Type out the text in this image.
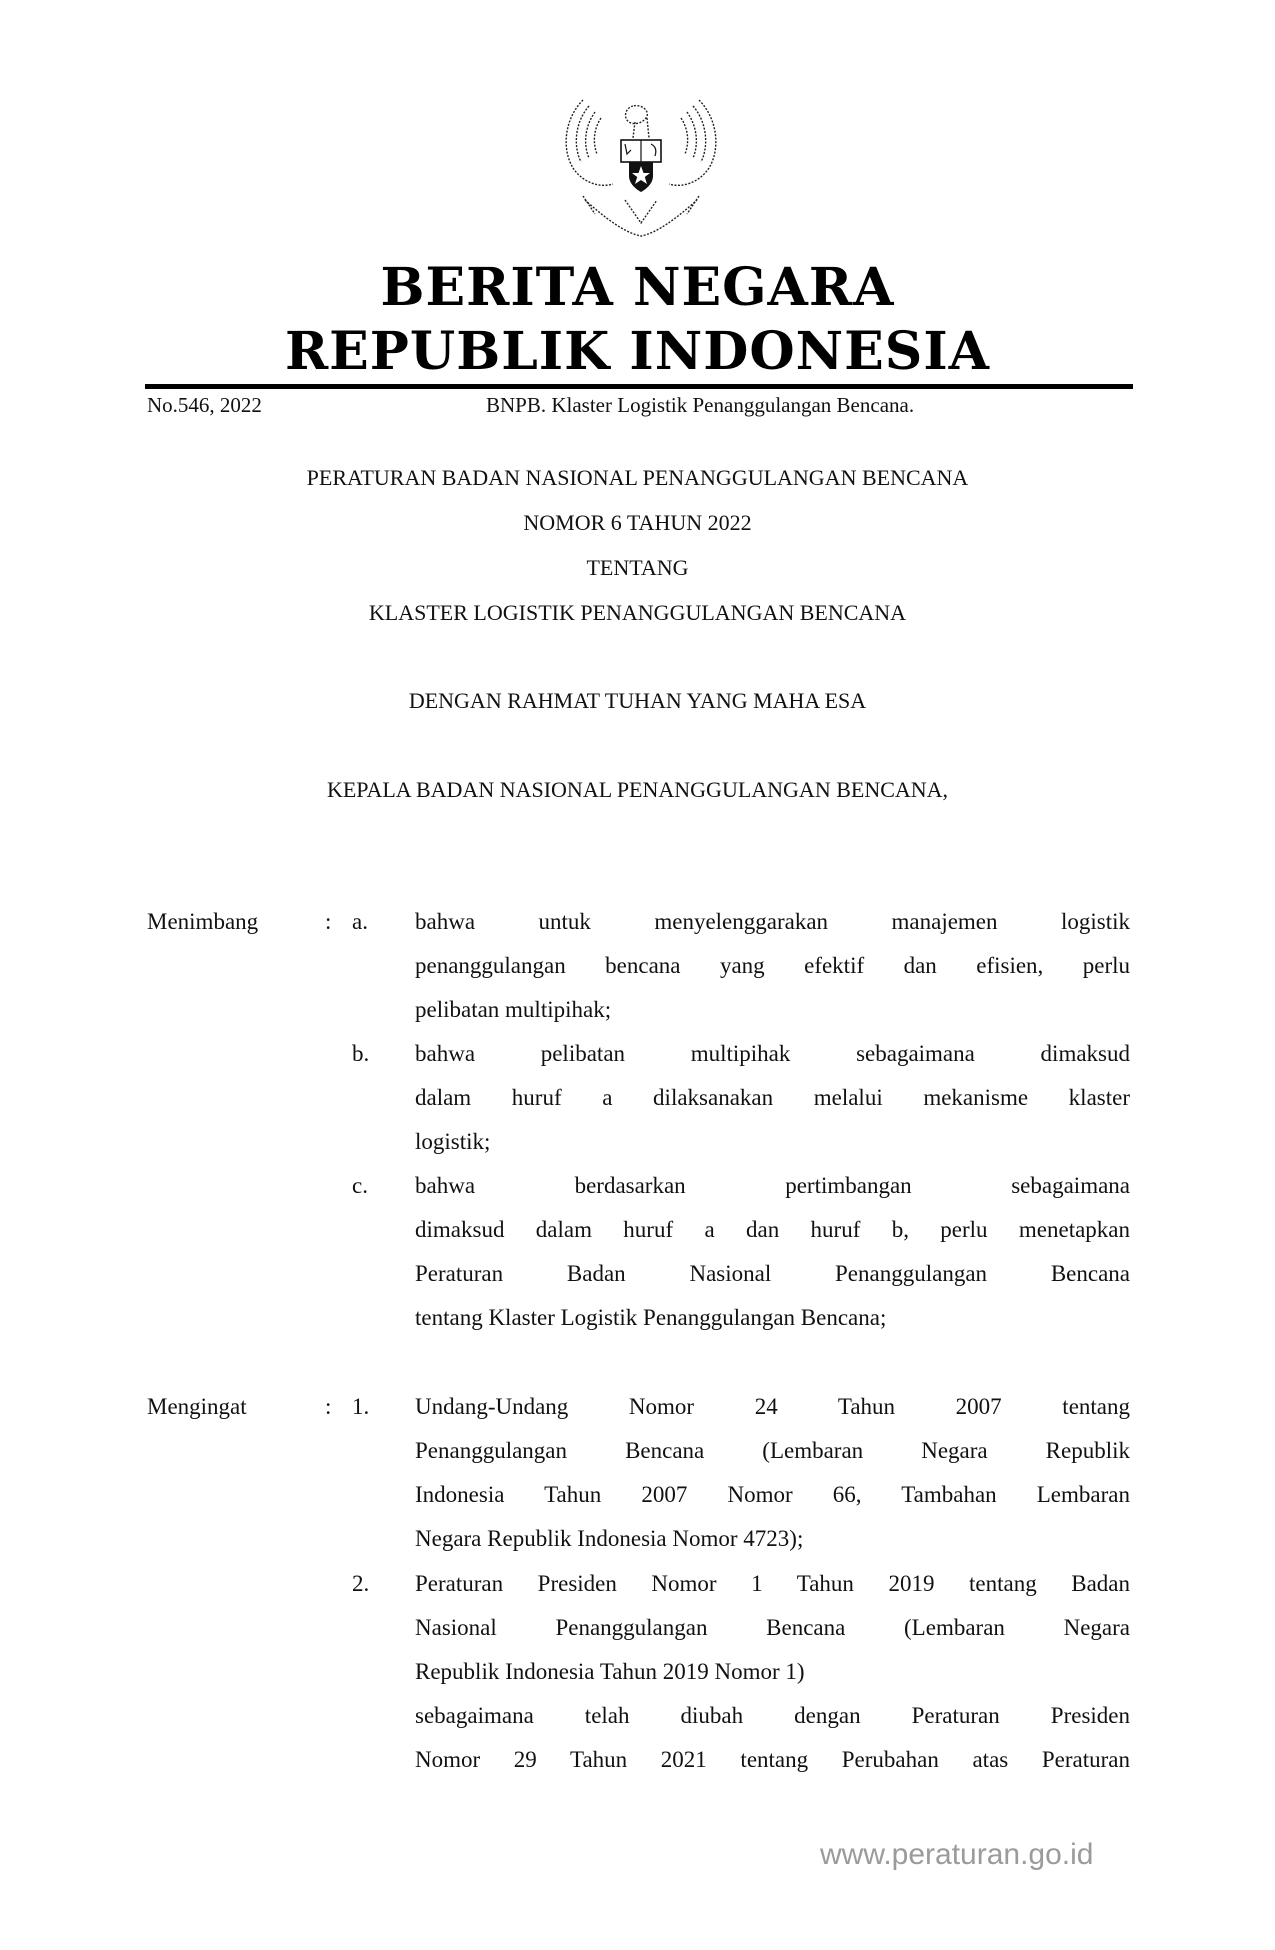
BERITA NEGARA
REPUBLIK INDONESIA
No.546, 2022	BNPB. Klaster Logistik Penanggulangan Bencana.
PERATURAN BADAN NASIONAL PENANGGULANGAN BENCANA
NOMOR 6 TAHUN 2022
TENTANG
KLASTER LOGISTIK PENANGGULANGAN BENCANA
DENGAN RAHMAT TUHAN YANG MAHA ESA
KEPALA BADAN NASIONAL PENANGGULANGAN BENCANA,
Menimbang	: a.	bahwa untuk menyelenggarakan manajemen logistik

penanggulangan bencana yang efektif dan efisien, perlu

pelibatan multipihak;

b.	bahwa pelibatan multipihak sebagaimana dimaksud

dalam huruf a dilaksanakan melalui mekanisme klaster

logistik;

c.	bahwa berdasarkan pertimbangan sebagaimana

dimaksud dalam huruf a dan huruf b, perlu menetapkan

Peraturan Badan Nasional Penanggulangan Bencana

tentang Klaster Logistik Penanggulangan Bencana;

Mengingat	: 1.	Undang-Undang Nomor 24 Tahun 2007 tentang

Penanggulangan Bencana (Lembaran Negara Republik

Indonesia Tahun 2007 Nomor 66, Tambahan Lembaran

Negara Republik Indonesia Nomor 4723);

2.	Peraturan Presiden Nomor 1 Tahun 2019 tentang Badan

Nasional Penanggulangan Bencana (Lembaran Negara

Republik Indonesia Tahun 2019 Nomor 1)

sebagaimana telah diubah dengan Peraturan Presiden

Nomor 29 Tahun 2021 tentang Perubahan atas Peraturan

www.peraturan.go.id
